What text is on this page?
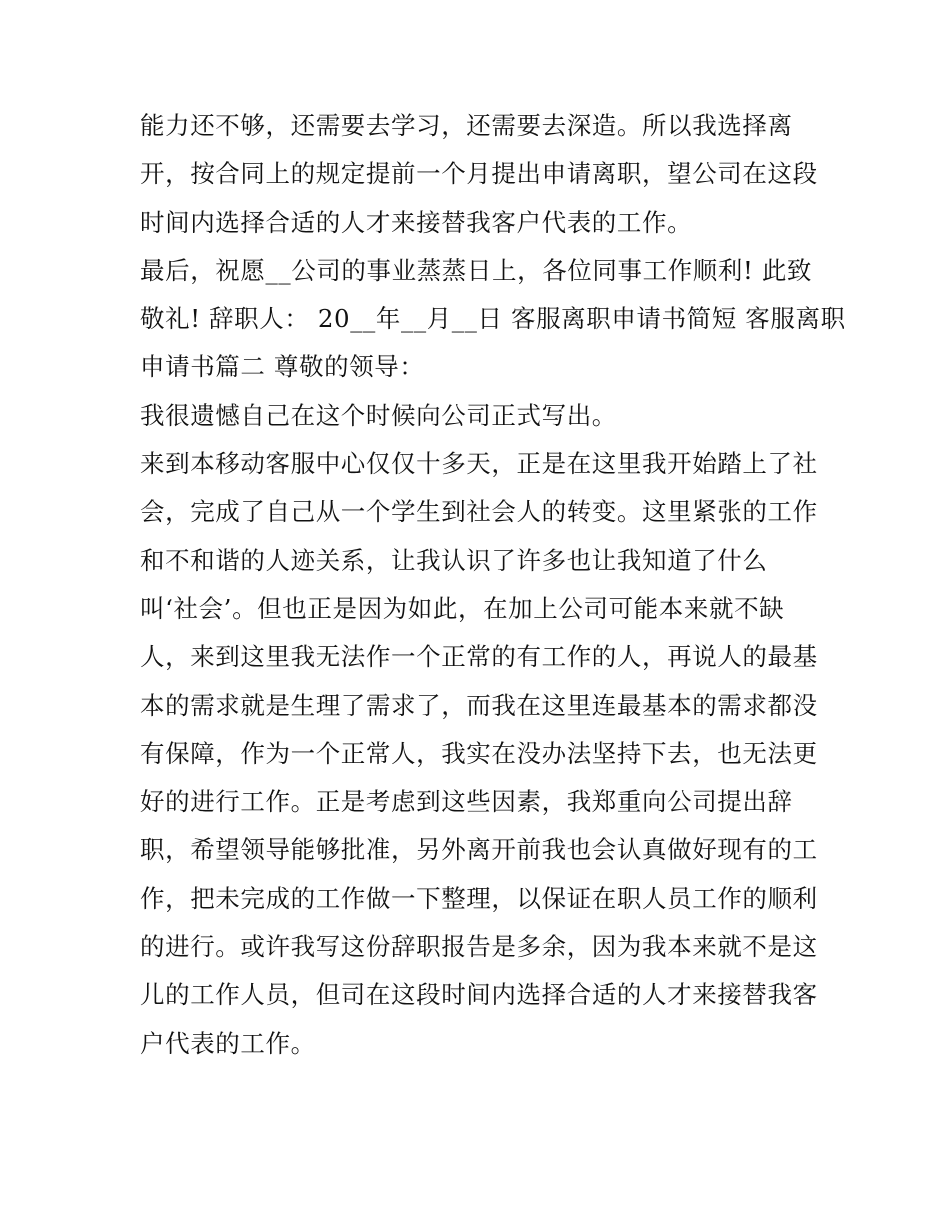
能力还不够，还需要去学习，还需要去深造。所以我选择离
开，按合同上的规定提前一个月提出申请离职，望公司在这段
时间内选择合适的人才来接替我客户代表的工作。
最后，祝愿__公司的事业蒸蒸日上，各位同事工作顺利! 此致
敬礼! 辞职人： 20__年__月__日 客服离职申请书简短 客服离职
申请书篇二 尊敬的领导：
我很遗憾自己在这个时候向公司正式写出。
来到本移动客服中心仅仅十多天，正是在这里我开始踏上了社
会，完成了自己从一个学生到社会人的转变。这里紧张的工作
和不和谐的人迹关系，让我认识了许多也让我知道了什么
叫‘社会’。但也正是因为如此，在加上公司可能本来就不缺
人，来到这里我无法作一个正常的有工作的人，再说人的最基
本的需求就是生理了需求了，而我在这里连最基本的需求都没
有保障，作为一个正常人，我实在没办法坚持下去，也无法更
好的进行工作。正是考虑到这些因素，我郑重向公司提出辞
职，希望领导能够批准，另外离开前我也会认真做好现有的工
作，把未完成的工作做一下整理，以保证在职人员工作的顺利
的进行。或许我写这份辞职报告是多余，因为我本来就不是这
儿的工作人员，但司在这段时间内选择合适的人才来接替我客
户代表的工作。
